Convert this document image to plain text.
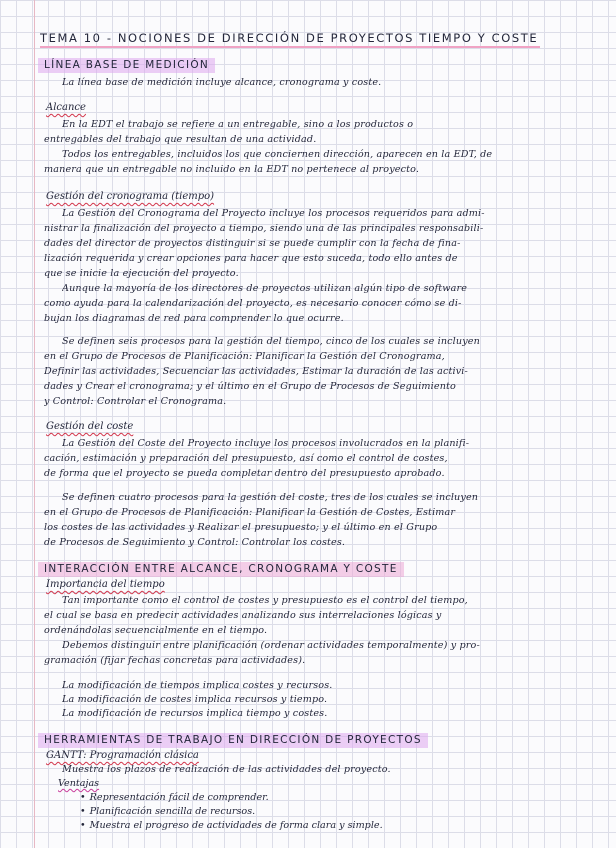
TEMA 10 - NOCIONES DE DIRECCIÓN DE PROYECTOS TIEMPO Y COSTE
LÍNEA BASE DE MEDICIÓN
La línea base de medición incluye alcance, cronograma y coste.
Alcance
En la EDT el trabajo se refiere a un entregable, sino a los productos o
entregables del trabajo que resultan de una actividad.
Todos los entregables, incluidos los que conciernen dirección, aparecen en la EDT, de
manera que un entregable no incluido en la EDT no pertenece al proyecto.
Gestión del cronograma (tiempo)
La Gestión del Cronograma del Proyecto incluye los procesos requeridos para admi-
nistrar la finalización del proyecto a tiempo, siendo una de las principales responsabili-
dades del director de proyectos distinguir si se puede cumplir con la fecha de fina-
lización requerida y crear opciones para hacer que esto suceda, todo ello antes de
que se inicie la ejecución del proyecto.
Aunque la mayoría de los directores de proyectos utilizan algún tipo de software
como ayuda para la calendarización del proyecto, es necesario conocer cómo se di-
bujan los diagramas de red para comprender lo que ocurre.
Se definen seis procesos para la gestión del tiempo, cinco de los cuales se incluyen
en el Grupo de Procesos de Planificación: Planificar la Gestión del Cronograma,
Definir las actividades, Secuenciar las actividades, Estimar la duración de las activi-
dades y Crear el cronograma; y el último en el Grupo de Procesos de Seguimiento
y Control: Controlar el Cronograma.
Gestión del coste
La Gestión del Coste del Proyecto incluye los procesos involucrados en la planifi-
cación, estimación y preparación del presupuesto, así como el control de costes,
de forma que el proyecto se pueda completar dentro del presupuesto aprobado.
Se definen cuatro procesos para la gestión del coste, tres de los cuales se incluyen
en el Grupo de Procesos de Planificación: Planificar la Gestión de Costes, Estimar
los costes de las actividades y Realizar el presupuesto; y el último en el Grupo
de Procesos de Seguimiento y Control: Controlar los costes.
INTERACCIÓN ENTRE ALCANCE, CRONOGRAMA Y COSTE
Importancia del tiempo
Tan importante como el control de costes y presupuesto es el control del tiempo,
el cual se basa en predecir actividades analizando sus interrelaciones lógicas y
ordenándolas secuencialmente en el tiempo.
Debemos distinguir entre planificación (ordenar actividades temporalmente) y pro-
gramación (fijar fechas concretas para actividades).
La modificación de tiempos implica costes y recursos.
La modificación de costes implica recursos y tiempo.
La modificación de recursos implica tiempo y costes.
HERRAMIENTAS DE TRABAJO EN DIRECCIÓN DE PROYECTOS
GANTT: Programación clásica
Muestra los plazos de realización de las actividades del proyecto.
Ventajas
• Representación fácil de comprender.
• Planificación sencilla de recursos.
• Muestra el progreso de actividades de forma clara y simple.
